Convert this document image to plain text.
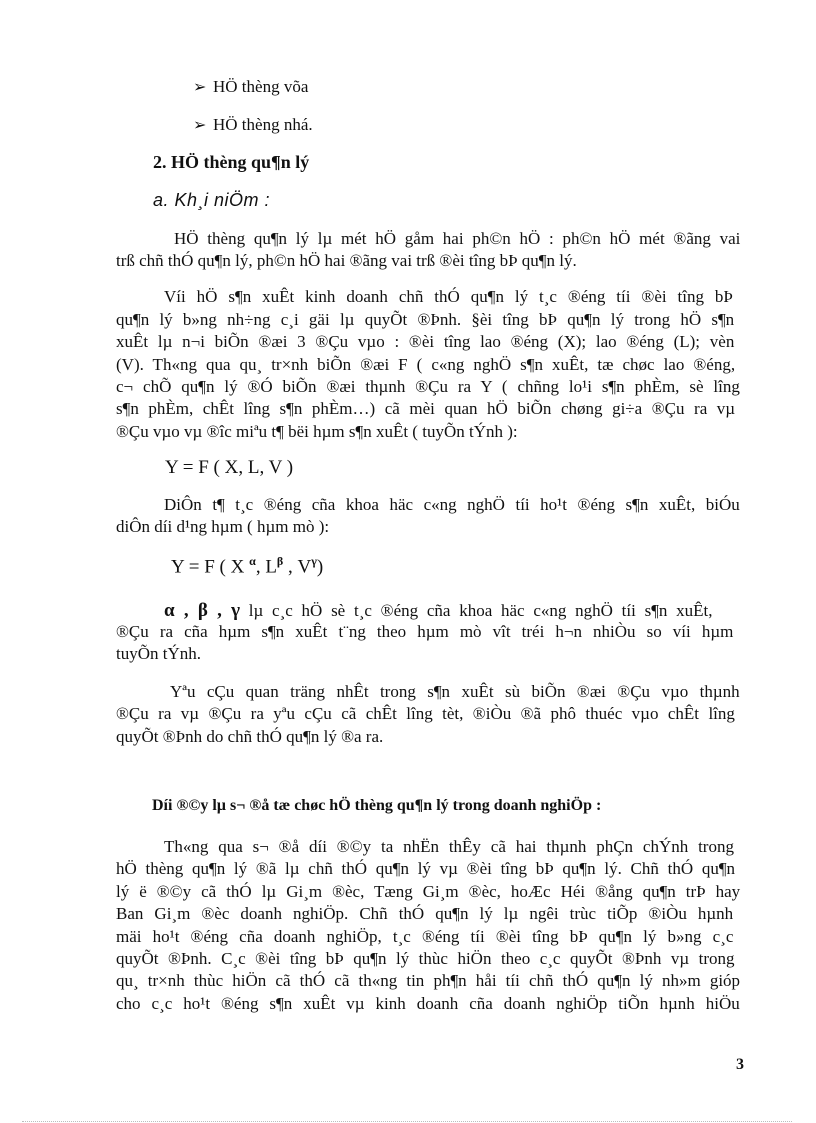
➢ HÖ thèng võa
➢ HÖ thèng nhá.
2. HÖ thèng qu¶n lý
a. Kh¸i niÖm :
HÖ thèng qu¶n lý lµ mét hÖ gåm hai ph©n hÖ : ph©n hÖ mét ®ãng vai
trß chñ thÓ qu¶n lý, ph©n hÖ hai ®ãng vai trß ®èi tîng bÞ qu¶n lý.
Víi hÖ s¶n xuÊt kinh doanh chñ thÓ qu¶n lý t¸c ®éng tíi ®èi tîng bÞ
qu¶n lý b»ng nh÷ng c¸i gäi lµ quyÕt ®Þnh. §èi tîng bÞ qu¶n lý trong hÖ s¶n
xuÊt lµ n¬i biÕn ®æi 3 ®Çu vµo : ®èi tîng lao ®éng (X); lao ®éng (L); vèn
(V). Th«ng qua qu¸ tr×nh biÕn ®æi F ( c«ng nghÖ s¶n xuÊt, tæ chøc lao ®éng,
c¬ chÕ qu¶n lý ®Ó biÕn ®æi thµnh ®Çu ra Y ( chñng lo¹i s¶n phÈm, sè lîng
s¶n phÈm, chÊt lîng s¶n phÈm…) cã mèi quan hÖ biÕn chøng gi÷a ®Çu ra vµ
®Çu vµo vµ ®îc miªu t¶ bëi hµm s¶n xuÊt ( tuyÕn tÝnh ):
Y = F ( X, L, V )
DiÔn t¶ t¸c ®éng cña khoa häc c«ng nghÖ tíi ho¹t ®éng s¶n xuÊt, biÓu
diÔn díi d¹ng hµm ( hµm mò ):
Y = F ( X $^\alpha$, $L^\beta$ , $V^\gamma$)
α , β , γ lµ c¸c hÖ sè t¸c ®éng cña khoa häc c«ng nghÖ tíi s¶n xuÊt,
®Çu ra cña hµm s¶n xuÊt t¨ng theo hµm mò vît tréi h¬n nhiÒu so víi hµm
tuyÕn tÝnh.
Yªu cÇu quan träng nhÊt trong s¶n xuÊt sù biÕn ®æi ®Çu vµo thµnh
®Çu ra vµ ®Çu ra yªu cÇu cã chÊt lîng tèt, ®iÒu ®ã phô thuéc vµo chÊt lîng
quyÕt ®Þnh do chñ thÓ qu¶n lý ®a ra.
Díi ®©y lµ s¬ ®å tæ chøc hÖ thèng qu¶n lý trong doanh nghiÖp :
Th«ng qua s¬ ®å díi ®©y ta nhËn thÊy cã hai thµnh phÇn chÝnh trong
hÖ thèng qu¶n lý ®ã lµ chñ thÓ qu¶n lý vµ ®èi tîng bÞ qu¶n lý. Chñ thÓ qu¶n
lý ë ®©y cã thÓ lµ Gi¸m ®èc, Tæng Gi¸m ®èc, hoÆc Héi ®ång qu¶n trÞ hay
Ban Gi¸m ®èc doanh nghiÖp. Chñ thÓ qu¶n lý lµ ngêi trùc tiÕp ®iÒu hµnh
mäi ho¹t ®éng cña doanh nghiÖp, t¸c ®éng tíi ®èi tîng bÞ qu¶n lý b»ng c¸c
quyÕt ®Þnh. C¸c ®èi tîng bÞ qu¶n lý thùc hiÖn theo c¸c quyÕt ®Þnh vµ trong
qu¸ tr×nh thùc hiÖn cã thÓ cã th«ng tin ph¶n håi tíi chñ thÓ qu¶n lý nh»m gióp
cho c¸c ho¹t ®éng s¶n xuÊt vµ kinh doanh cña doanh nghiÖp tiÕn hµnh hiÖu
3
